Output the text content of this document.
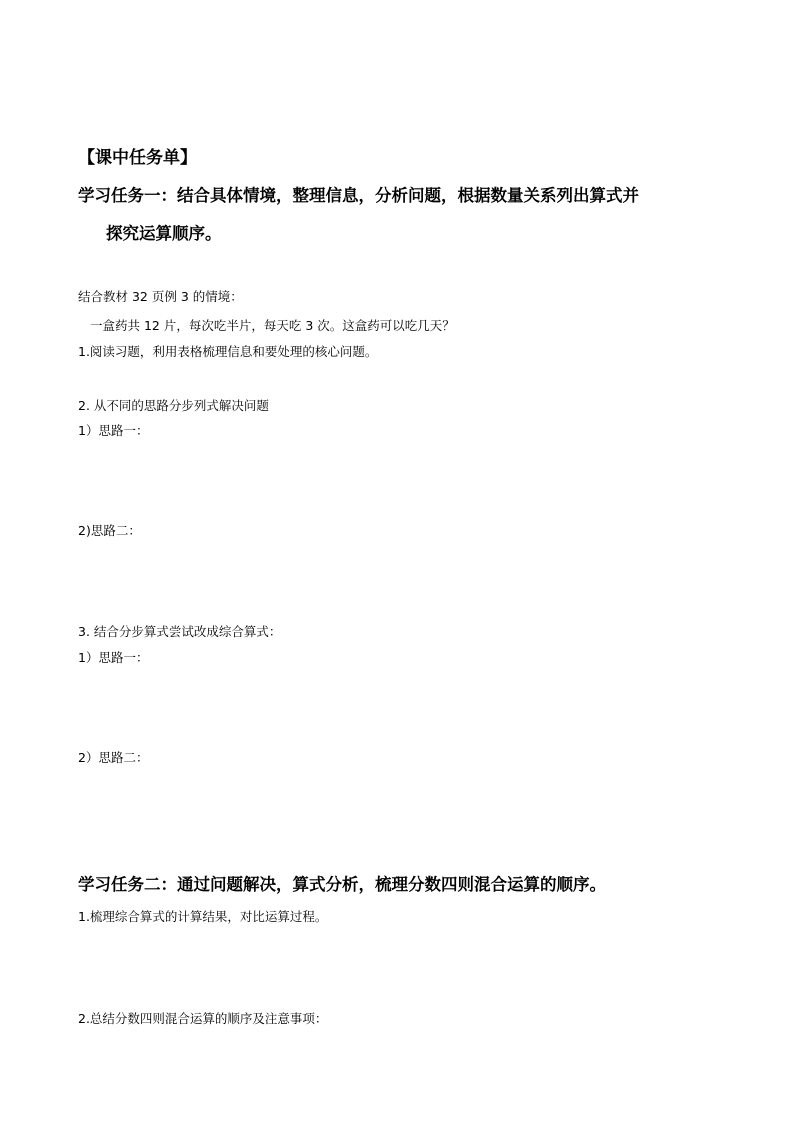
【课中任务单】
学习任务一：结合具体情境，整理信息，分析问题，根据数量关系列出算式并
探究运算顺序。
结合教材 32 页例 3 的情境：
一盒药共 12 片，每次吃半片，每天吃 3 次。这盒药可以吃几天？
1.阅读习题，利用表格梳理信息和要处理的核心问题。
2. 从不同的思路分步列式解决问题
1）思路一：
2)思路二：
3. 结合分步算式尝试改成综合算式：
1）思路一：
2）思路二：
学习任务二：通过问题解决，算式分析，梳理分数四则混合运算的顺序。
1.梳理综合算式的计算结果，对比运算过程。
2.总结分数四则混合运算的顺序及注意事项：
